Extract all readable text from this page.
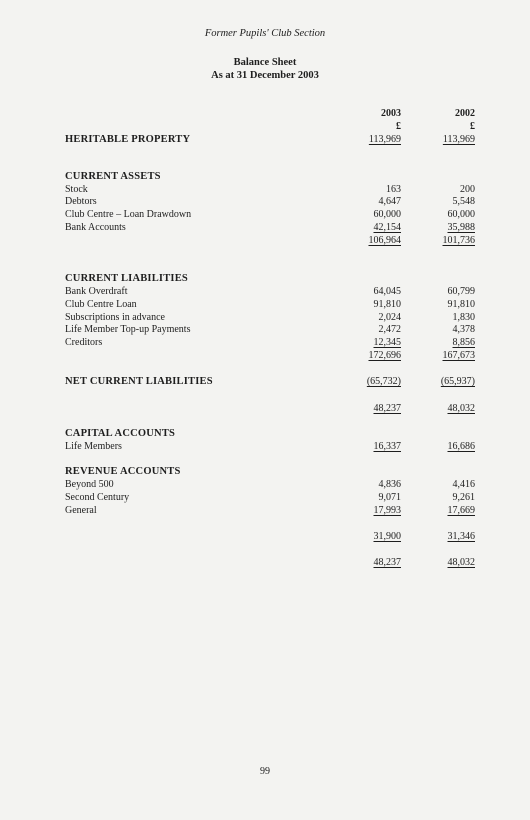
Former Pupils' Club Section
Balance Sheet
As at 31 December 2003
2003	2002
£	£
HERITABLE PROPERTY	113,969	113,969
CURRENT ASSETS
Stock	163	200
Debtors	4,647	5,548
Club Centre – Loan Drawdown	60,000	60,000
Bank Accounts	42,154	35,988
106,964	101,736
CURRENT LIABILITIES
Bank Overdraft	64,045	60,799
Club Centre Loan	91,810	91,810
Subscriptions in advance	2,024	1,830
Life Member Top-up Payments	2,472	4,378
Creditors	12,345	8,856
172,696	167,673
NET CURRENT LIABILITIES	(65,732)	(65,937)
48,237	48,032
CAPITAL ACCOUNTS
Life Members	16,337	16,686
REVENUE ACCOUNTS
Beyond 500	4,836	4,416
Second Century	9,071	9,261
General	17,993	17,669
31,900	31,346
48,237	48,032
99
